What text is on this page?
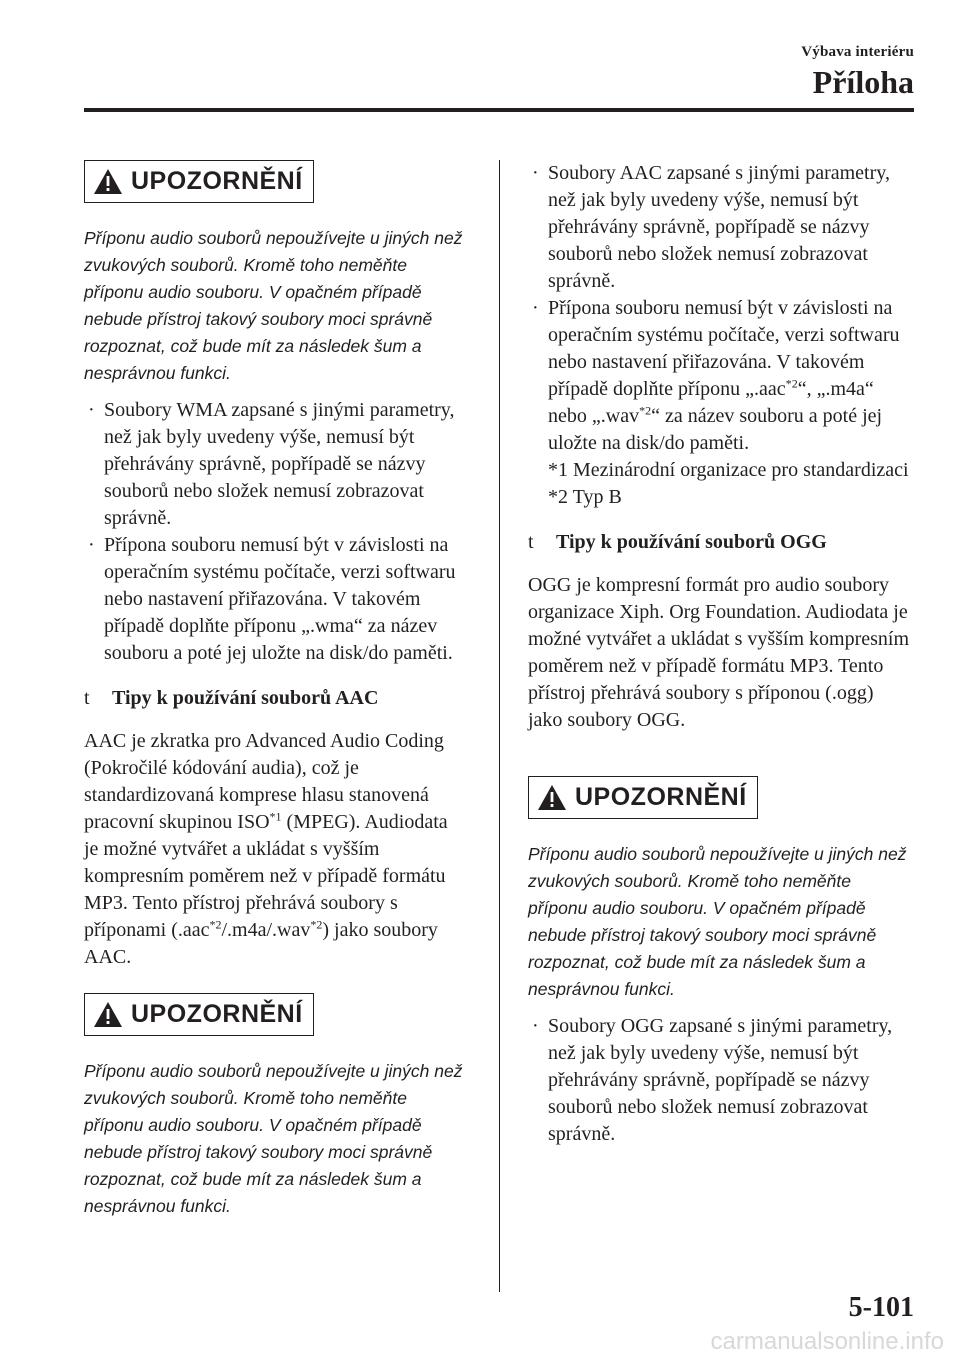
Výbava interiéru
Příloha
UPOZORNĚNÍ
Příponu audio souborů nepoužívejte u jiných než zvukových souborů. Kromě toho neměňte příponu audio souboru. V opačném případě nebude přístroj takový soubory moci správně rozpoznat, což bude mít za následek šum a nesprávnou funkci.
· Soubory WMA zapsané s jinými parametry, než jak byly uvedeny výše, nemusí být přehrávány správně, popřípadě se názvy souborů nebo složek nemusí zobrazovat správně.
· Přípona souboru nemusí být v závislosti na operačním systému počítače, verzi softwaru nebo nastavení přiřazována. V takovém případě doplňte příponu „.wma“ za název souboru a poté jej uložte na disk/do paměti.
t	Tipy k používání souborů AAC

AAC je zkratka pro Advanced Audio Coding (Pokročilé kódování audia), což je standardizovaná komprese hlasu stanovená pracovní skupinou ISO$^{*1}$ (MPEG). Audiodata je možné vytvářet a ukládat s vyšším kompresním poměrem než v případě formátu MP3. Tento přístroj přehrává soubory s příponami (.aac$^{*2}$/.m4a/.wav$^{*2}$) jako soubory AAC.

UPOZORNĚNÍ
Příponu audio souborů nepoužívejte u jiných než zvukových souborů. Kromě toho neměňte příponu audio souboru. V opačném případě nebude přístroj takový soubory moci správně rozpoznat, což bude mít za následek šum a nesprávnou funkci.
· Soubory AAC zapsané s jinými parametry, než jak byly uvedeny výše, nemusí být přehrávány správně, popřípadě se názvy souborů nebo složek nemusí zobrazovat správně.
· Přípona souboru nemusí být v závislosti na operačním systému počítače, verzi softwaru nebo nastavení přiřazována. V takovém případě doplňte příponu „.aac$^{*2}$“, „.m4a“ nebo „.wav$^{*2}$“ za název souboru a poté jej uložte na disk/do paměti.
*1 Mezinárodní organizace pro standardizaci
*2 Typ B
t	Tipy k používání souborů OGG

OGG je kompresní formát pro audio soubory organizace Xiph. Org Foundation. Audiodata je možné vytvářet a ukládat s vyšším kompresním poměrem než v případě formátu MP3. Tento přístroj přehrává soubory s příponou (.ogg) jako soubory OGG.

UPOZORNĚNÍ
Příponu audio souborů nepoužívejte u jiných než zvukových souborů. Kromě toho neměňte příponu audio souboru. V opačném případě nebude přístroj takový soubory moci správně rozpoznat, což bude mít za následek šum a nesprávnou funkci.
· Soubory OGG zapsané s jinými parametry, než jak byly uvedeny výše, nemusí být přehrávány správně, popřípadě se názvy souborů nebo složek nemusí zobrazovat správně.
5-101
carmanualsonline.info
